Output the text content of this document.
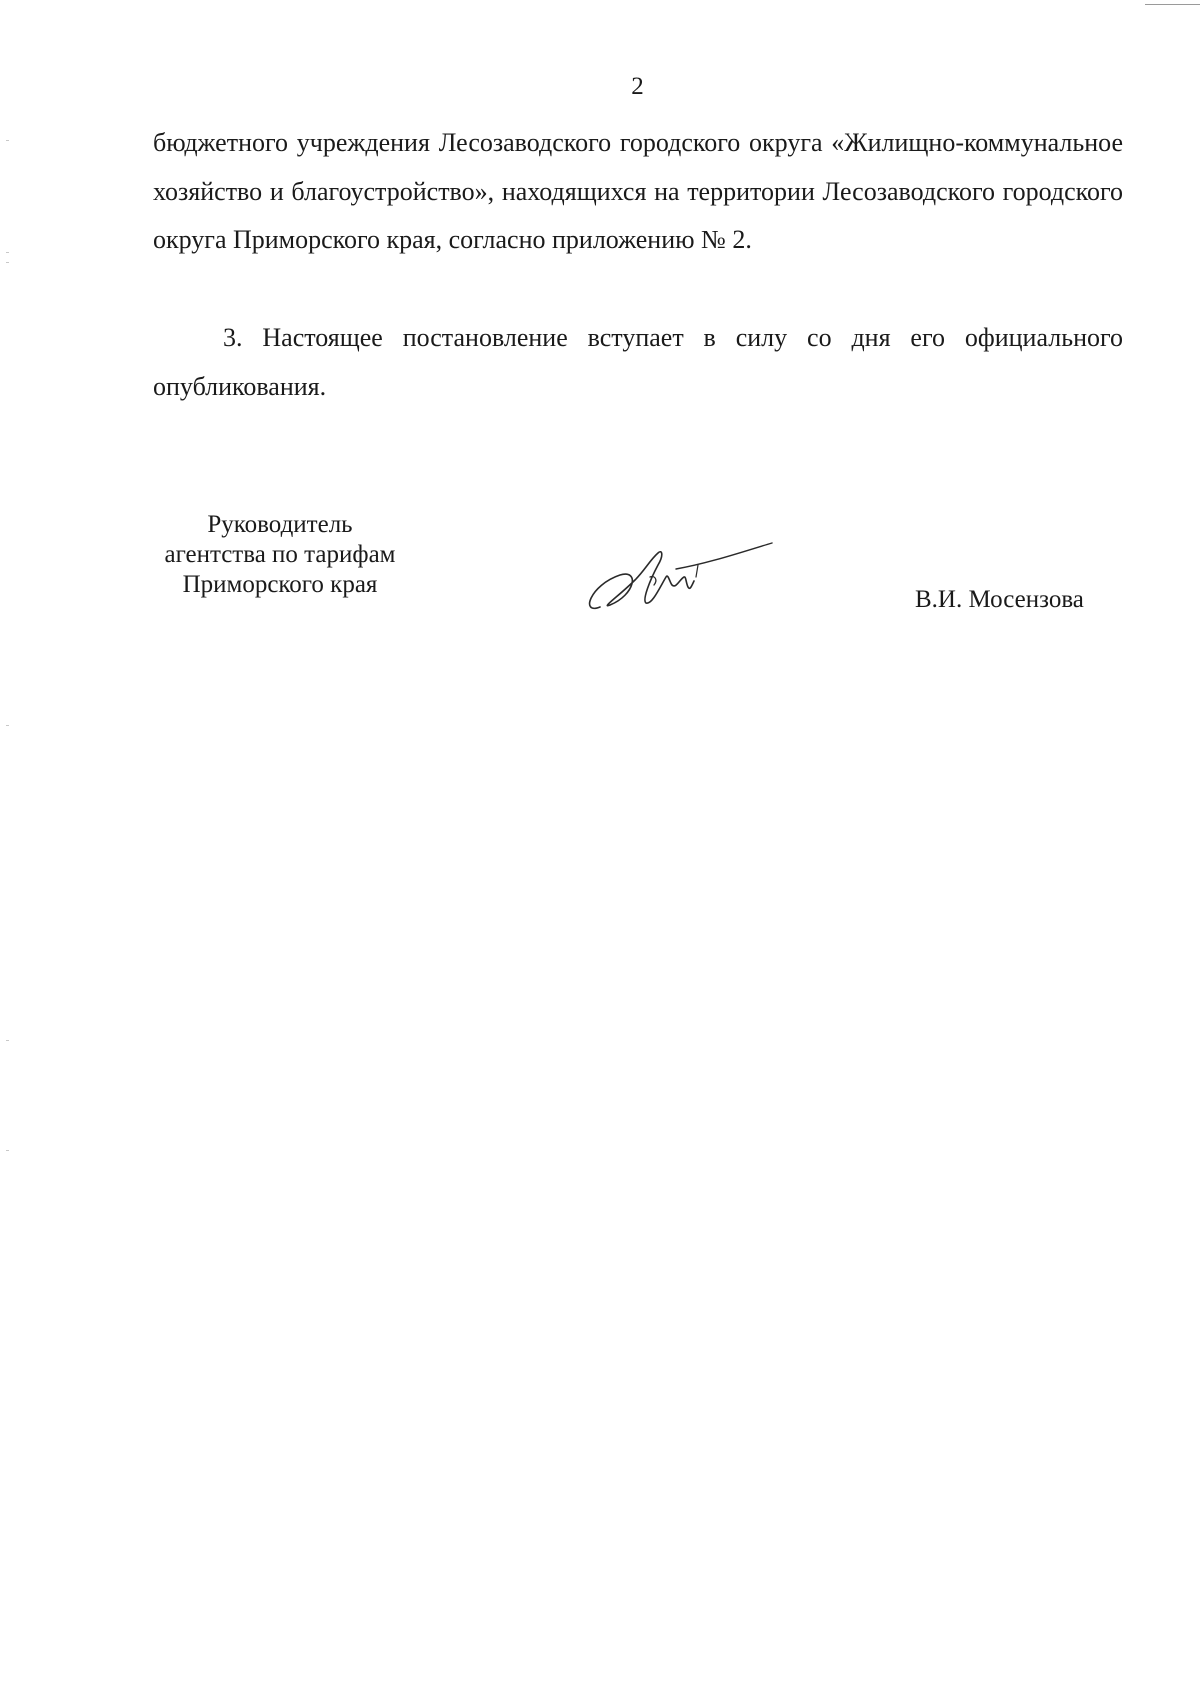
2

бюджетного учреждения Лесозаводского городского округа «Жилищно-коммунальное хозяйство и благоустройство», находящихся на территории Лесозаводского городского округа Приморского края, согласно приложению № 2.

3. Настоящее постановление вступает в силу со дня его официального опубликования.

Руководитель
агентства по тарифам
Приморского края
В.И. Мосензова
